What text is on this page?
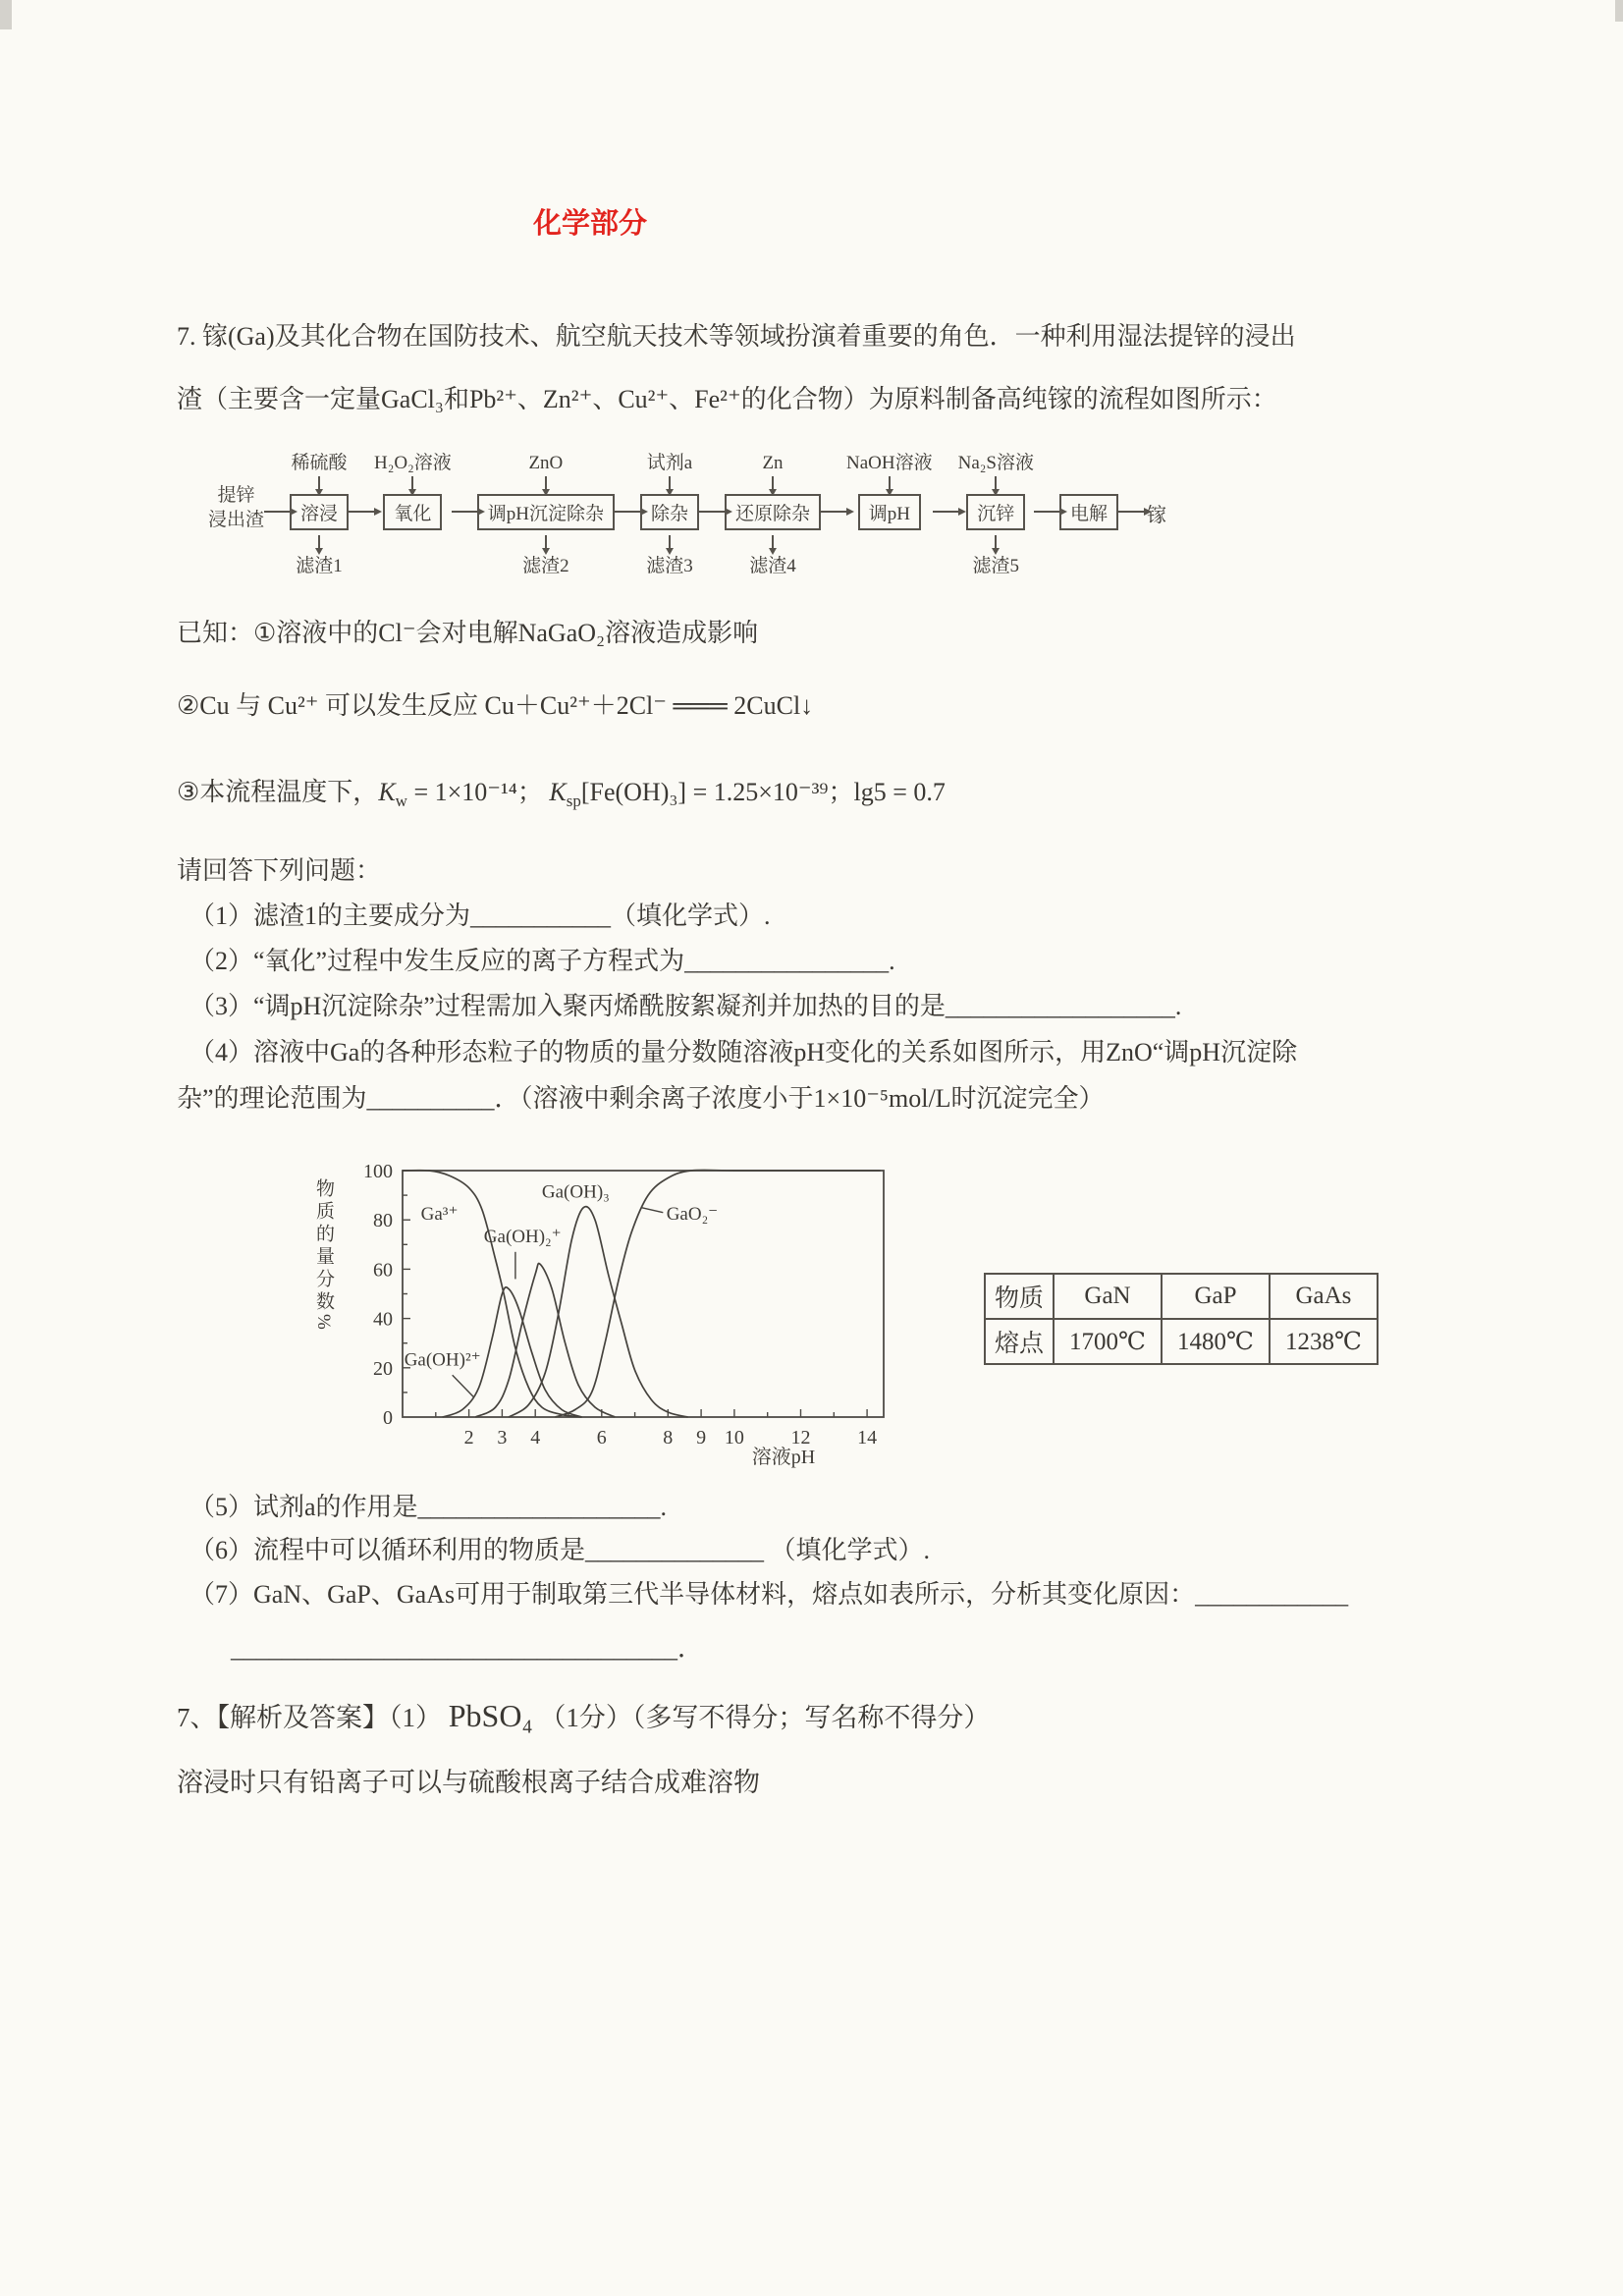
化学部分

7. 镓(Ga)及其化合物在国防技术、航空航天技术等领域扮演着重要的角色．一种利用湿法提锌的浸出

渣（主要含一定量GaCl₃和Pb²⁺、Zn²⁺、Cu²⁺、Fe²⁺的化合物）为原料制备高纯镓的流程如图所示：

提锌
浸出渣
稀硫酸
溶浸
滤渣1
H₂O₂溶液
氧化
ZnO
调pH沉淀除杂
滤渣2
试剂a
除杂
滤渣3
Zn
还原除杂
滤渣4
NaOH溶液
调pH
Na₂S溶液
沉锌
滤渣5
电解	镓

已知：①溶液中的Cl⁻会对电解NaGaO₂溶液造成影响

②Cu 与 Cu²⁺ 可以发生反应 Cu＋Cu²⁺＋2Cl⁻ ═══ 2CuCl↓

③本流程温度下，$K_w = 1\times 10^{-14}$； $K_{sp}[Fe(OH)_3] = 1.25\times 10^{-39}$；lg5 = 0.7

请回答下列问题：

（1）滤渣1的主要成分为___________（填化学式）.

（2）“氧化”过程中发生反应的离子方程式为________________.

（3）“调pH沉淀除杂”过程需加入聚丙烯酰胺絮凝剂并加热的目的是__________________.

（4）溶液中Ga的各种形态粒子的物质的量分数随溶液pH变化的关系如图所示，用ZnO“调pH沉淀除

杂”的理论范围为__________．（溶液中剩余离子浓度小于1×10⁻⁵mol/L时沉淀完全）

0
20
40
60
80
100
2 3 4	6	8 9 10 12 14
溶液pH
Ga³⁺
Ga(OH)²⁺
Ga(OH)₂⁺
Ga(OH)₃
GaO₂⁻
物质的量分数%	物质	GaN	GaP	GaAs
熔点	1700℃	1480℃	1238℃

（5）试剂a的作用是___________________.

（6）流程中可以循环利用的物质是______________ （填化学式）.

（7）GaN、GaP、GaAs可用于制取第三代半导体材料，熔点如表所示，分析其变化原因：____________

___________________________________．

7、【解析及答案】（1） PbSO₄ （1分）（多写不得分；写名称不得分）

溶浸时只有铅离子可以与硫酸根离子结合成难溶物
